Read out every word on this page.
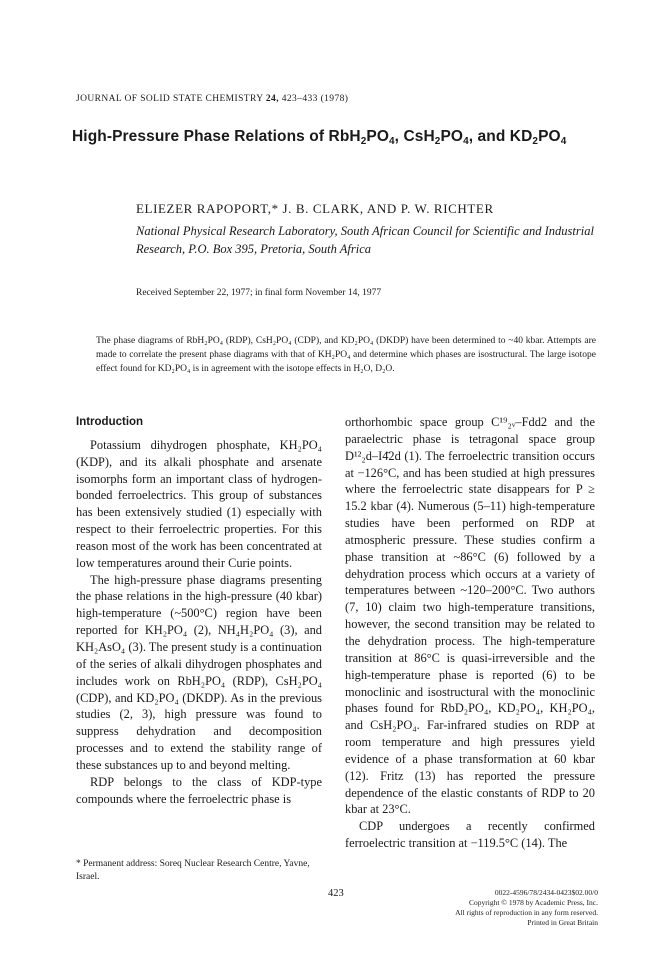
JOURNAL OF SOLID STATE CHEMISTRY 24, 423–433 (1978)
High-Pressure Phase Relations of $RbH_2PO_4$, $CsH_2PO_4$, and $KD_2PO_4$
ELIEZER RAPOPORT,* J. B. CLARK, AND P. W. RICHTER
National Physical Research Laboratory, South African Council for Scientific and Industrial Research, P.O. Box 395, Pretoria, South Africa
Received September 22, 1977; in final form November 14, 1977
The phase diagrams of RbH₂PO₄ (RDP), CsH₂PO₄ (CDP), and KD₂PO₄ (DKDP) have been determined to ~40 kbar. Attempts are made to correlate the present phase diagrams with that of KH₂PO₄ and determine which phases are isostructural. The large isotope effect found for KD₂PO₄ is in agreement with the isotope effects in H₂O, D₂O.

Introduction

Potassium dihydrogen phosphate, KH₂PO₄ (KDP), and its alkali phosphate and arsenate isomorphs form an important class of hydrogen-bonded ferroelectrics. This group of substances has been extensively studied (1) especially with respect to their ferroelectric properties. For this reason most of the work has been concentrated at low temperatures around their Curie points.

The high-pressure phase diagrams presenting the phase relations in the high-pressure (40 kbar) high-temperature (~500°C) region have been reported for KH₂PO₄ (2), NH₄H₂PO₄ (3), and KH₂AsO₄ (3). The present study is a continuation of the series of alkali dihydrogen phosphates and includes work on RbH₂PO₄ (RDP), CsH₂PO₄ (CDP), and KD₂PO₄ (DKDP). As in the previous studies (2, 3), high pressure was found to suppress dehydration and decomposition processes and to extend the stability range of these substances up to and beyond melting.

RDP belongs to the class of KDP-type compounds where the ferroelectric phase is

orthorhombic space group C¹⁹₂ᵥ–Fdd2 and the paraelectric phase is tetragonal space group D¹²₂d–I4̄2d (1). The ferroelectric transition occurs at −126°C, and has been studied at high pressures where the ferroelectric state disappears for P ≥ 15.2 kbar (4). Numerous (5–11) high-temperature studies have been performed on RDP at atmospheric pressure. These studies confirm a phase transition at ~86°C (6) followed by a dehydration process which occurs at a variety of temperatures between ~120–200°C. Two authors (7, 10) claim two high-temperature transitions, however, the second transition may be related to the dehydration process. The high-temperature transition at 86°C is quasi-irreversible and the high-temperature phase is reported (6) to be monoclinic and isostructural with the monoclinic phases found for RbD₂PO₄, KD₂PO₄, KH₂PO₄, and CsH₂PO₄. Far-infrared studies on RDP at room temperature and high pressures yield evidence of a phase transformation at 60 kbar (12). Fritz (13) has reported the pressure dependence of the elastic constants of RDP to 20 kbar at 23°C.

CDP undergoes a recently confirmed ferroelectric transition at −119.5°C (14). The

* Permanent address: Soreq Nuclear Research Centre, Yavne, Israel.
423	0022-4596/78/2434-0423$02.00/0
Copyright © 1978 by Academic Press, Inc.
All rights of reproduction in any form reserved.
Printed in Great Britain
